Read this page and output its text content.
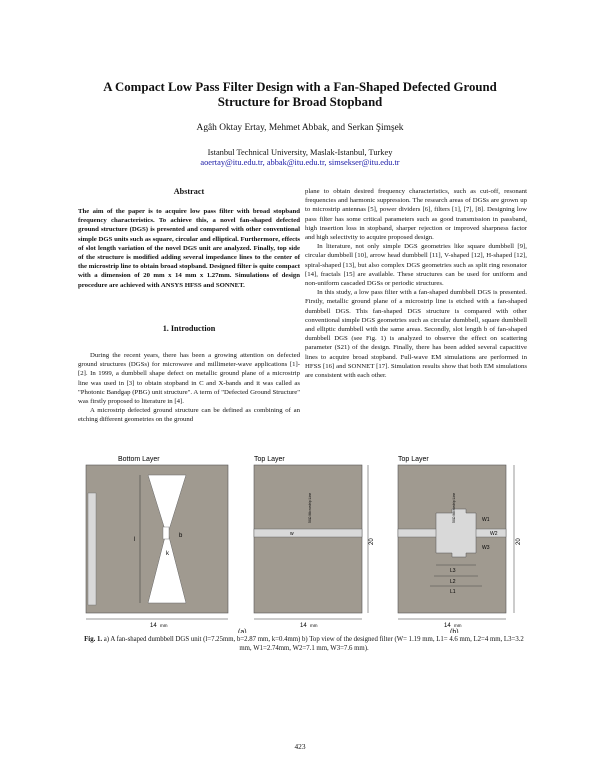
A Compact Low Pass Filter Design with a Fan-Shaped Defected Ground
Structure for Broad Stopband
Agâh Oktay Ertay, Mehmet Abbak, and Serkan Şimşek
Istanbul Technical University, Maslak-Istanbul, Turkey
aoertay@itu.edu.tr, abbak@itu.edu.tr, simsekser@itu.edu.tr
Abstract

The aim of the paper is to acquire low pass filter with broad stopband frequency characteristics. To achieve this, a novel fan-shaped defected ground structure (DGS) is presented and compared with other conventional simple DGS units such as square, circular and elliptical. Furthermore, effects of slot length variation of the novel DGS unit are analyzed. Finally, top side of the structure is modified adding several impedance lines to the center of the microstrip line to obtain broad stopband. Designed filter is quite compact with a dimension of 20 mm x 14 mm x 1.27mm. Simulations of design procedure are achieved with ANSYS HFSS and SONNET.

1. Introduction

During the recent years, there has been a growing attention on defected ground structures (DGSs) for microwave and millimeter-wave applications [1]-[2]. In 1999, a dumbbell shape defect on metallic ground plane of a microstrip line was used in [3] to obtain stopband in C and X-bands and it was called as "Photonic Bandgap (PBG) unit structure". A term of "Defected Ground Structure" was firstly proposed to literature in [4].

A microstrip defected ground structure can be defined as combining of an etching different geometries on the ground

plane to obtain desired frequency characteristics, such as cut-off, resonant frequencies and harmonic suppression. The research areas of DGSs are grown up to microstrip antennas [5], power dividers [6], filters [1], [7], [8]. Designing low pass filter has some critical parameters such as good transmission in passband, high insertion loss in stopband, sharper rejection or improved sharpness factor and high selectivity to acquire proposed design.

In literature, not only simple DGS geometries like square dumbbell [9], circular dumbbell [10], arrow head dumbbell [11], V-shaped [12], H-shaped [12], spiral-shaped [13], but also complex DGS geometries such as split ring resonator [14], fractals [15] are available. These structures can be used for uniform and non-uniform cascaded DGSs or periodic structures.

In this study, a low pass filter with a fan-shaped dumbbell DGS is presented. Firstly, metallic ground plane of a microstrip line is etched with a fan-shaped dumbbell DGS. This fan-shaped DGS structure is compared with other conventional simple DGS geometries such as circular dumbbell, square dumbbell and elliptic dumbbell with the same areas. Secondly, slot length b of fan-shaped dumbbell DGS (see Fig. 1) is analyzed to observe the effect on scattering parameter (S21) of the design. Finally, there has been added several capacitive lines to acquire broad stopband. Full-wave EM simulations are performed in HFSS [16] and SONNET [17]. Simulation results show that both EM simulations are consistent with each other.

Bottom Layer
l
b
k
14 mm
Top Layer
50Ω Microstrip Line
w
20
14 mm
Top Layer
50Ω Microstrip Line
L3
L2
L1
W1
W2
W3
20
14 mm
(a)	(b)
Fig. 1. a) A fan-shaped dumbbell DGS unit (l=7.25mm, b=2.87 mm, k=0.4mm) b) Top view of the designed filter (W= 1.19 mm, L1= 4.6 mm, L2=4 mm, L3=3.2 mm, W1=2.74mm, W2=7.1 mm, W3=7.6 mm).
423
